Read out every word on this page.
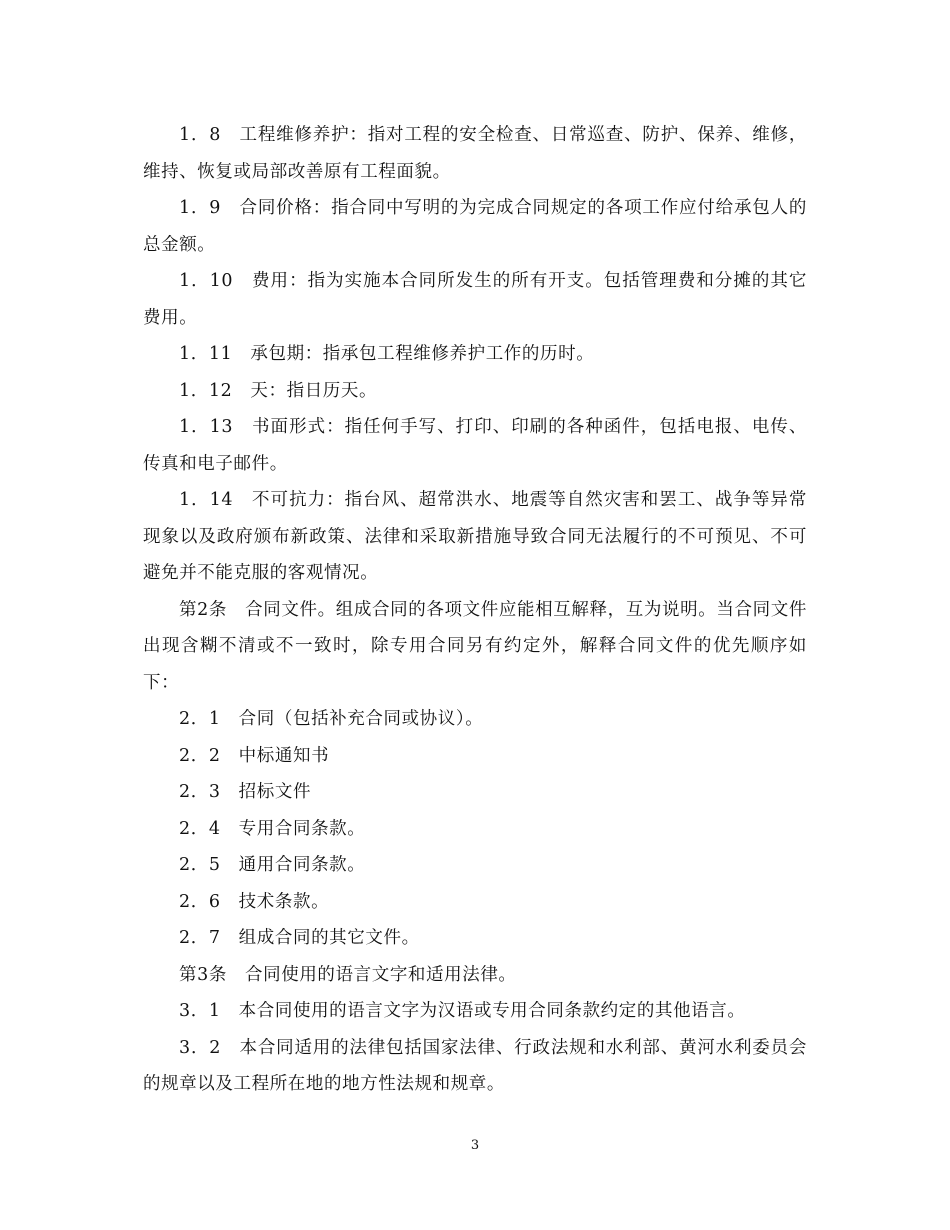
1．8　工程维修养护：指对工程的安全检查、日常巡查、防护、保养、维修，维持、恢复或局部改善原有工程面貌。

1．9　合同价格：指合同中写明的为完成合同规定的各项工作应付给承包人的总金额。

1．10　费用：指为实施本合同所发生的所有开支。包括管理费和分摊的其它费用。

1．11　承包期：指承包工程维修养护工作的历时。

1．12　天：指日历天。

1．13　书面形式：指任何手写、打印、印刷的各种函件，包括电报、电传、传真和电子邮件。

1．14　不可抗力：指台风、超常洪水、地震等自然灾害和罢工、战争等异常现象以及政府颁布新政策、法律和采取新措施导致合同无法履行的不可预见、不可避免并不能克服的客观情况。

第2条　合同文件。组成合同的各项文件应能相互解释，互为说明。当合同文件出现含糊不清或不一致时，除专用合同另有约定外，解释合同文件的优先顺序如下：

2．1　合同（包括补充合同或协议）。

2．2　中标通知书

2．3　招标文件

2．4　专用合同条款。

2．5　通用合同条款。

2．6　技术条款。

2．7　组成合同的其它文件。

第3条　合同使用的语言文字和适用法律。

3．1　本合同使用的语言文字为汉语或专用合同条款约定的其他语言。

3．2　本合同适用的法律包括国家法律、行政法规和水利部、黄河水利委员会的规章以及工程所在地的地方性法规和规章。

3
